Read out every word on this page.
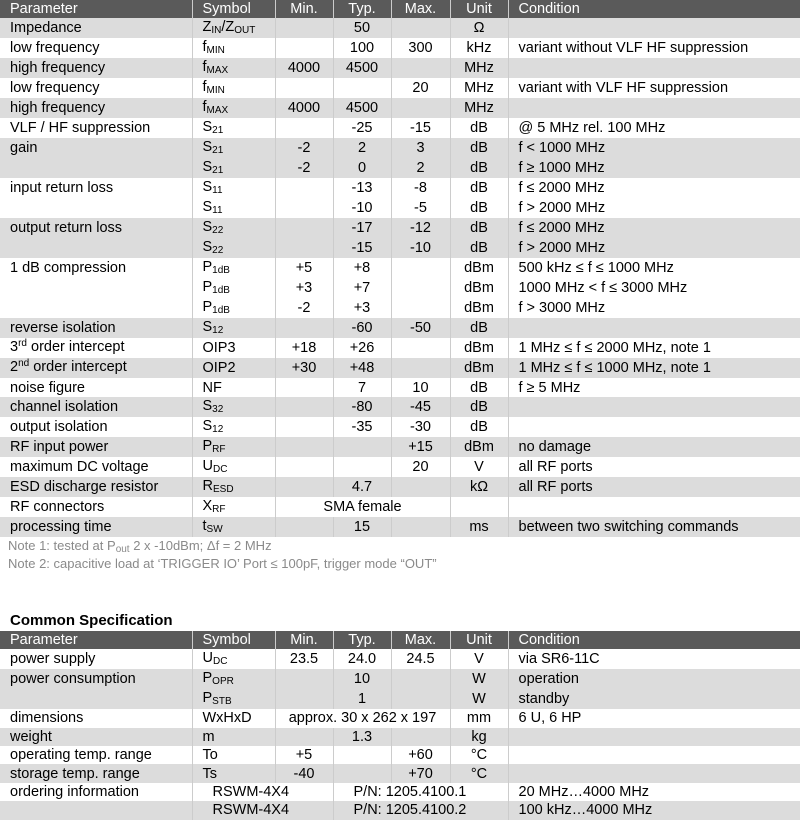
Parameter	Symbol	Min.	Typ.	Max.	Unit	Condition
Impedance	ZIN/ZOUT		50		Ω	
low frequency	fMIN		100	300	kHz	variant without VLF HF suppression
high frequency	fMAX	4000	4500		MHz	
low frequency	fMIN			20	MHz	variant with VLF HF suppression
high frequency	fMAX	4000	4500		MHz	
VLF / HF suppression	S21		-25	-15	dB	@ 5 MHz rel. 100 MHz
gain	S21	-2	2	3	dB	f < 1000 MHz
	S21	-2	0	2	dB	f ≥ 1000 MHz
input return loss	S11		-13	-8	dB	f ≤ 2000 MHz
	S11		-10	-5	dB	f > 2000 MHz
output return loss	S22		-17	-12	dB	f ≤ 2000 MHz
	S22		-15	-10	dB	f > 2000 MHz
1 dB compression	P1dB	+5	+8		dBm	500 kHz ≤ f ≤ 1000 MHz
	P1dB	+3	+7		dBm	1000 MHz < f ≤ 3000 MHz
	P1dB	-2	+3		dBm	f > 3000 MHz
reverse isolation	S12		-60	-50	dB	
3rd order intercept	OIP3	+18	+26		dBm	1 MHz ≤ f ≤ 2000 MHz, note 1
2nd order intercept	OIP2	+30	+48		dBm	1 MHz ≤ f ≤ 1000 MHz, note 1
noise figure	NF		7	10	dB	f ≥ 5 MHz
channel isolation	S32		-80	-45	dB	
output isolation	S12		-35	-30	dB	
RF input power	PRF			+15	dBm	no damage
maximum DC voltage	UDC			20	V	all RF ports
ESD discharge resistor	RESD		4.7		kΩ	all RF ports
RF connectors	XRF	SMA female				
processing time	tSW		15		ms	between two switching commands
Note 1: tested at Pout 2 x -10dBm; Δf = 2 MHz
Note 2: capacitive load at ‘TRIGGER IO’ Port ≤ 100pF, trigger mode “OUT”
Common Specification
Parameter	Symbol	Min.	Typ.	Max.	Unit	Condition
power supply	UDC	23.5	24.0	24.5	V	via SR6-11C
power consumption	POPR		10		W	operation
	PSTB		1		W	standby
dimensions	WxHxD	approx. 30 x 262 x 197			mm	6 U, 6 HP
weight	m		1.3		kg	
operating temp. range	To	+5		+60	°C	
storage temp. range	Ts	-40		+70	°C	
ordering information	RSWM-4X4		P/N: 1205.4100.1			20 MHz…4000 MHz
	RSWM-4X4		P/N: 1205.4100.2			100 kHz…4000 MHz
